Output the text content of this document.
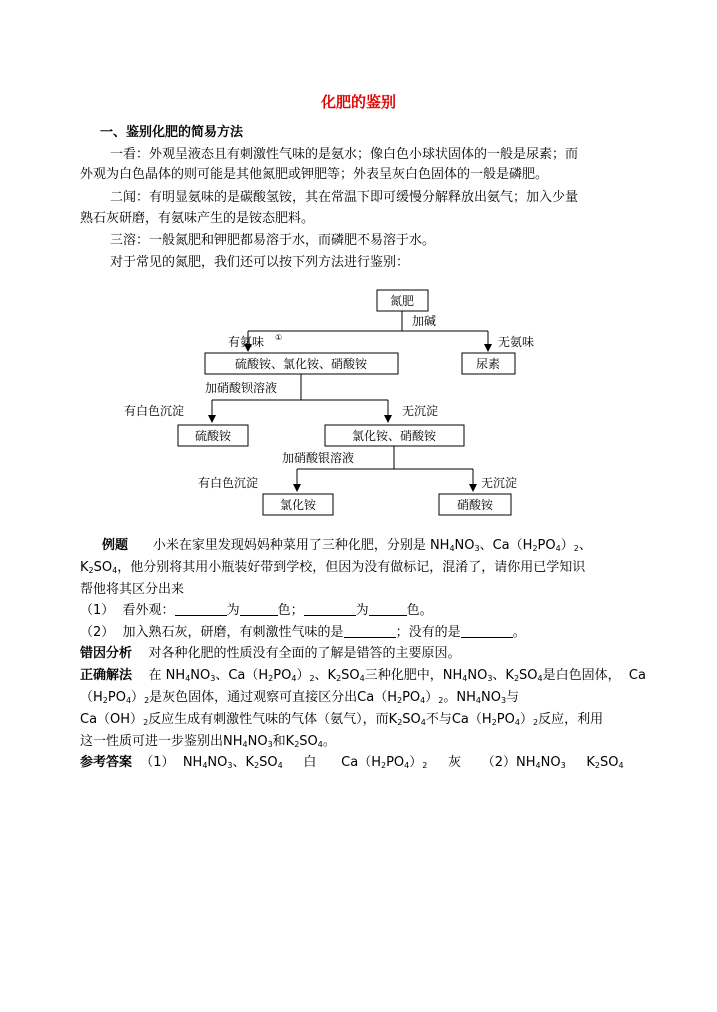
化肥的鉴别
一、鉴别化肥的简易方法
一看：外观呈液态且有刺激性气味的是氨水；像白色小球状固体的一般是尿素；而
外观为白色晶体的则可能是其他氮肥或钾肥等；外表呈灰白色固体的一般是磷肥。
二闻：有明显氨味的是碳酸氢铵，其在常温下即可缓慢分解释放出氨气；加入少量
熟石灰研磨，有氨味产生的是铵态肥料。
三溶：一般氮肥和钾肥都易溶于水，而磷肥不易溶于水。
对于常见的氮肥，我们还可以按下列方法进行鉴别：
氮肥
加碱
有氨味 ①	无氨味
硫酸铵、氯化铵、硝酸铵	尿素
加硝酸钡溶液
有白色沉淀	无沉淀
硫酸铵	氯化铵、硝酸铵
加硝酸银溶液
有白色沉淀	无沉淀
氯化铵	硝酸铵
例题 小米在家里发现妈妈种菜用了三种化肥，分别是 $NH_4NO_3$、$Ca(H_2PO_4)_2$、
$K_2SO_4$，他分别将其用小瓶装好带到学校，但因为没有做标记，混淆了，请你用已学知识
帮他将其区分出来
（1） 看外观：	为	色；	为	色。
（2） 加入熟石灰，研磨，有刺激性气味的是	；没有的是	。
错因分析 对各种化肥的性质没有全面的了解是错答的主要原因。
正确解法 在 $NH_4NO_3$、$Ca(H_2PO_4)_2$、$K_2SO_4$三种化肥中，$NH_4NO_3$、$K_2SO_4$是白色固体， Ca
$(H_2PO_4)_2$是灰色固体，通过观察可直接区分出$Ca(H_2PO_4)_2$。$NH_4NO_3$与
$Ca(OH)_2$反应生成有刺激性气味的气体（氨气），而$K_2SO_4$不与$Ca(H_2PO_4)_2$反应，利用
这一性质可进一步鉴别出$NH_4NO_3$和$K_2SO_4$。
参考答案 （1） $NH_4NO_3$、$K_2SO_4$ 白 $Ca(H_2PO_4)_2$ 灰 $(2)NH_4NO_3$ $K_2SO_4$
